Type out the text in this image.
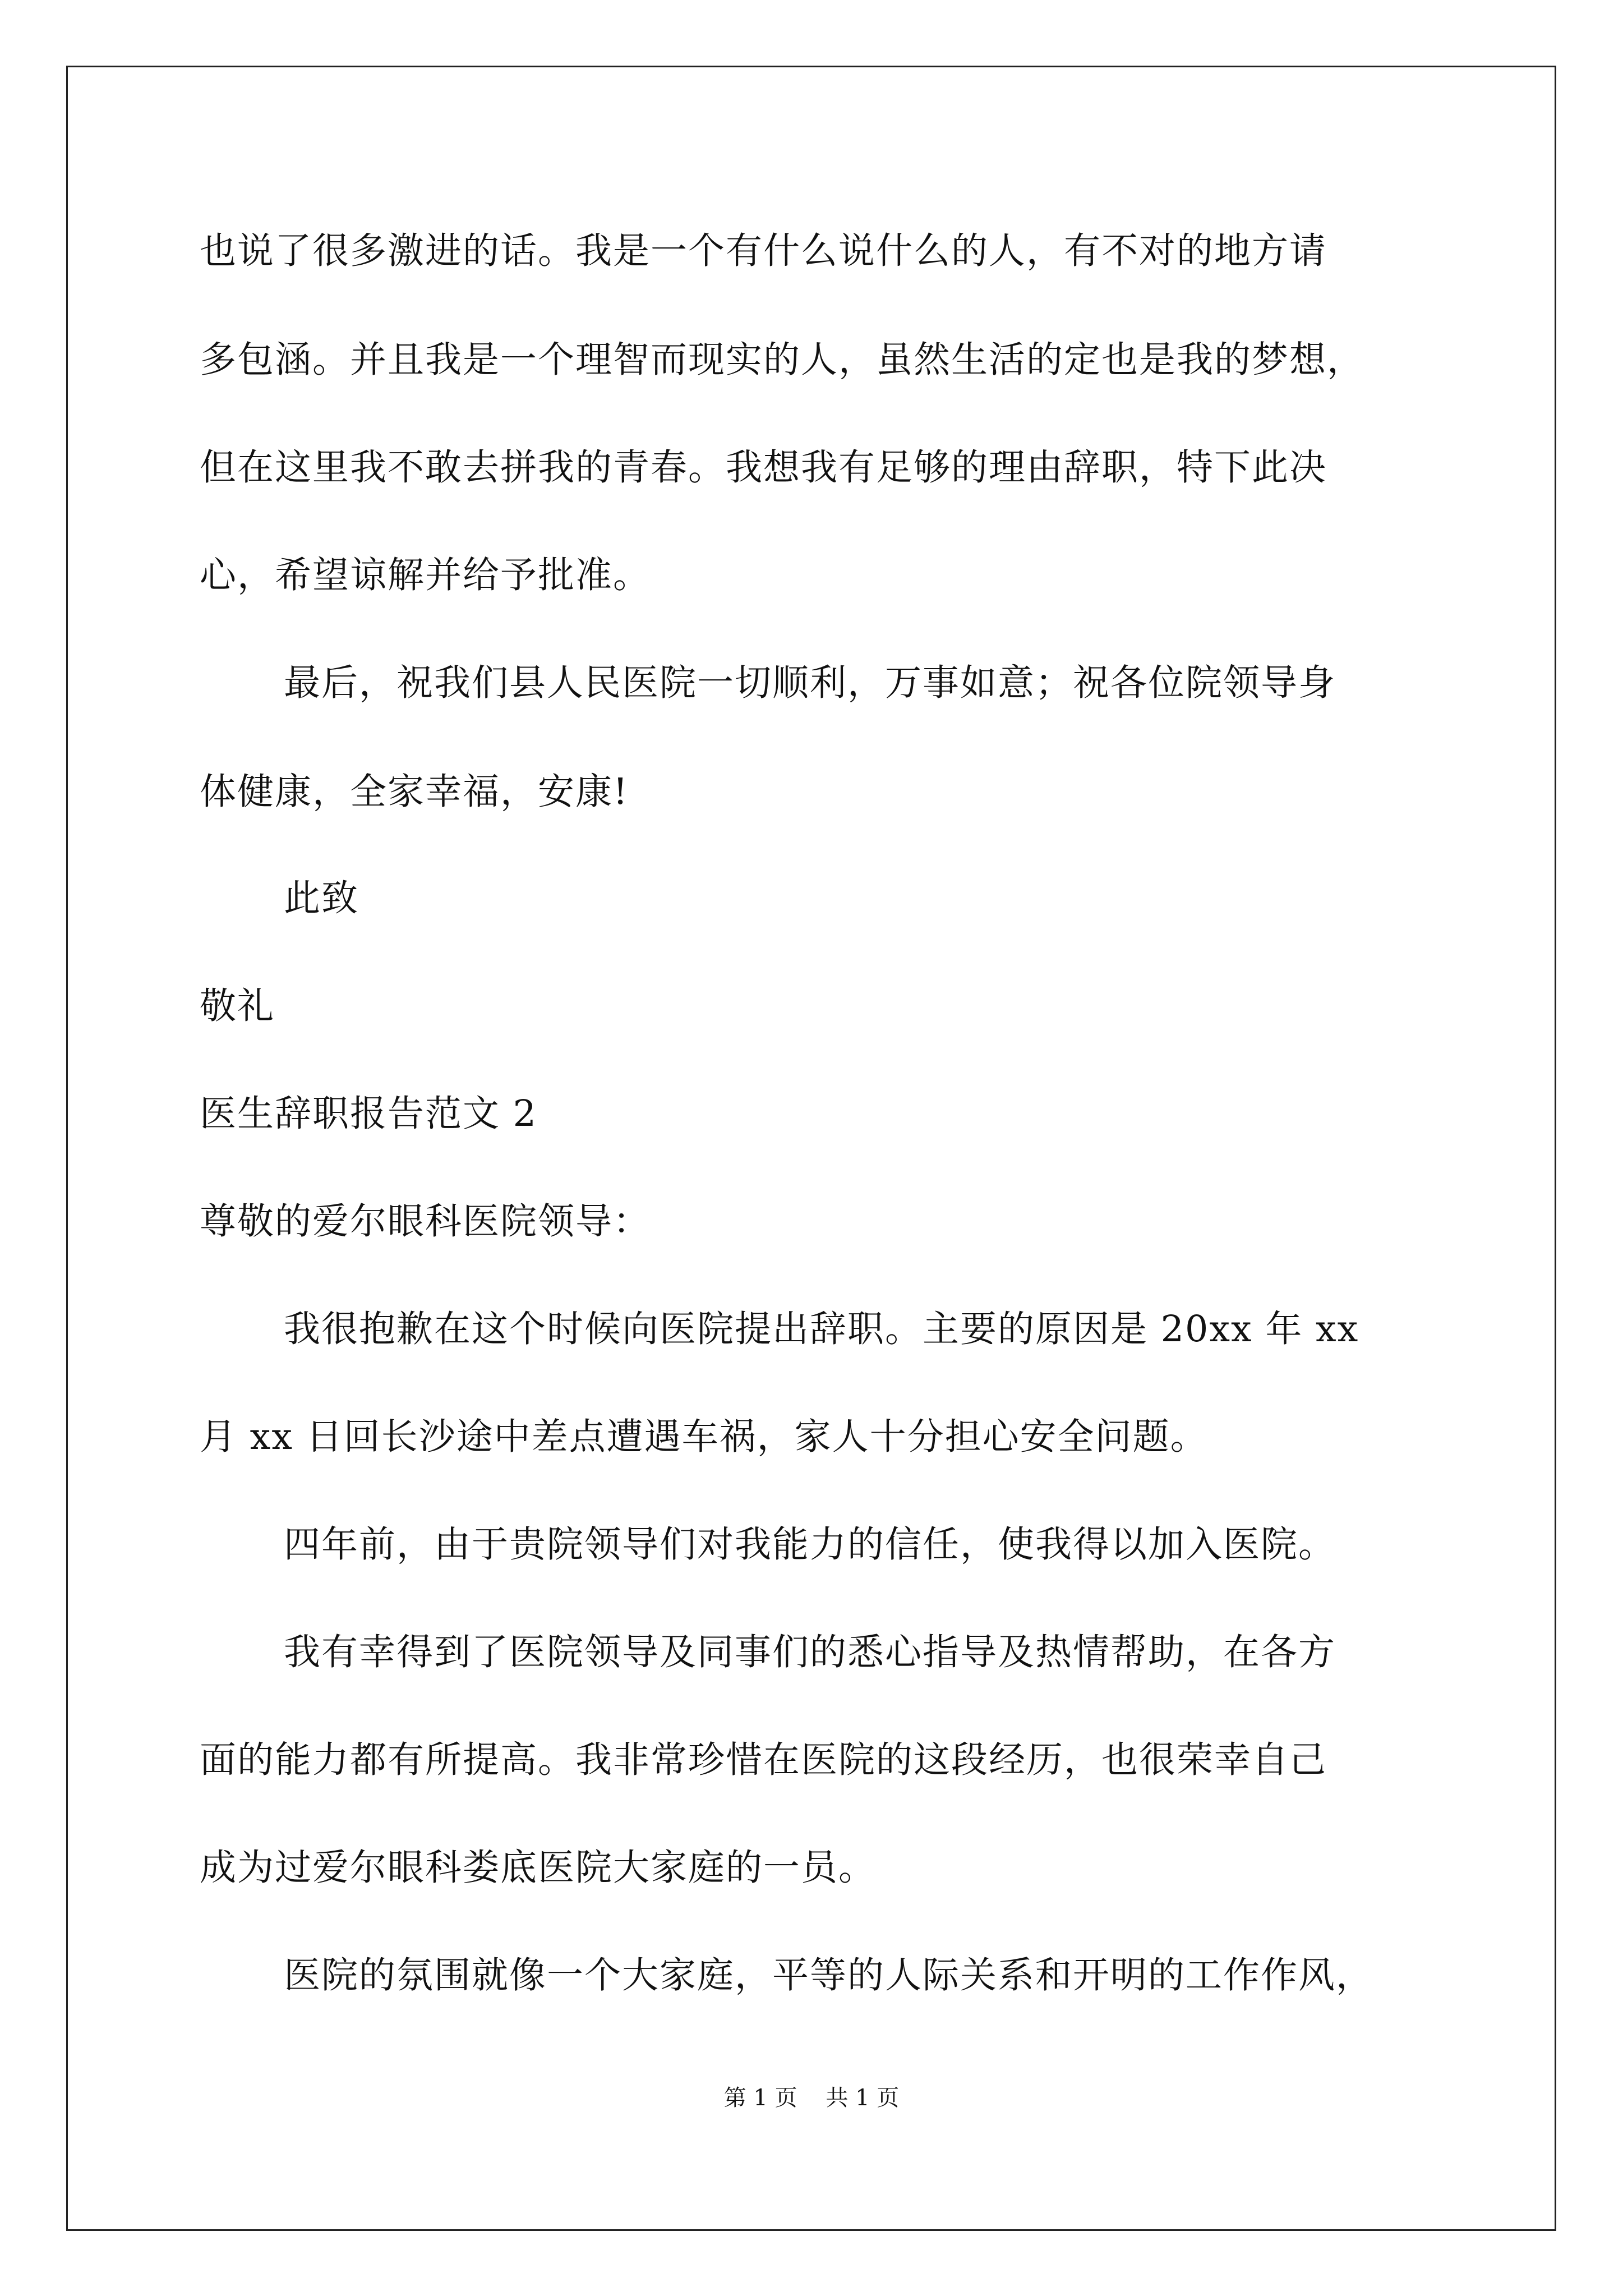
也说了很多激进的话。我是一个有什么说什么的人，有不对的地方请
多包涵。并且我是一个理智而现实的人，虽然生活的定也是我的梦想，
但在这里我不敢去拼我的青春。我想我有足够的理由辞职，特下此决
心，希望谅解并给予批准。
最后，祝我们县人民医院一切顺利，万事如意；祝各位院领导身
体健康，全家幸福，安康!
此致
敬礼
医生辞职报告范文 2
尊敬的爱尔眼科医院领导：
我很抱歉在这个时候向医院提出辞职。主要的原因是 20xx 年 xx
月 xx 日回长沙途中差点遭遇车祸，家人十分担心安全问题。
四年前，由于贵院领导们对我能力的信任，使我得以加入医院。
我有幸得到了医院领导及同事们的悉心指导及热情帮助，在各方
面的能力都有所提高。我非常珍惜在医院的这段经历，也很荣幸自己
成为过爱尔眼科娄底医院大家庭的一员。
医院的氛围就像一个大家庭，平等的人际关系和开明的工作作风，
第 1 页    共 1 页
